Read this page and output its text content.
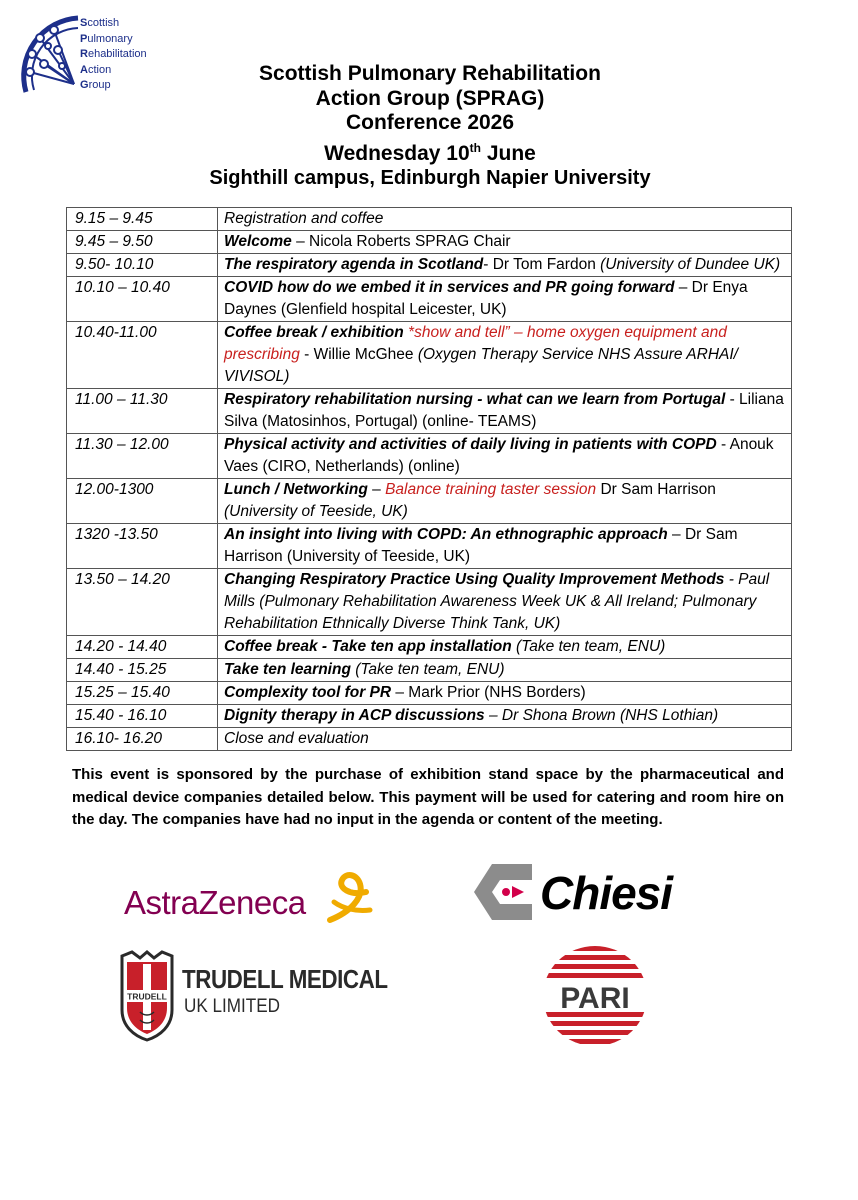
Scottish
Pulmonary
Rehabilitation
Action
Group	Scottish Pulmonary Rehabilitation
Action Group (SPRAG)
Conference 2026
Wednesday 10th June
Sighthill campus, Edinburgh Napier University
9.15 – 9.45	Registration and coffee
9.45 – 9.50	Welcome – Nicola Roberts SPRAG Chair
9.50- 10.10	The respiratory agenda in Scotland- Dr Tom Fardon (University of Dundee UK)
10.10 – 10.40	COVID how do we embed it in services and PR going forward – Dr Enya Daynes (Glenfield hospital Leicester, UK)
10.40-11.00	Coffee break / exhibition *show and tell” – home oxygen equipment and prescribing - Willie McGhee (Oxygen Therapy Service NHS Assure ARHAI/ VIVISOL)
11.00 – 11.30	Respiratory rehabilitation nursing - what can we learn from Portugal - Liliana Silva (Matosinhos, Portugal) (online- TEAMS)
11.30 – 12.00	Physical activity and activities of daily living in patients with COPD - Anouk Vaes (CIRO, Netherlands) (online)
12.00-1300	Lunch / Networking – Balance training taster session Dr Sam Harrison (University of Teeside, UK)
1320 -13.50	An insight into living with COPD: An ethnographic approach – Dr Sam Harrison (University of Teeside, UK)
13.50 – 14.20	Changing Respiratory Practice Using Quality Improvement Methods - Paul Mills (Pulmonary Rehabilitation Awareness Week UK & All Ireland; Pulmonary Rehabilitation Ethnically Diverse Think Tank, UK)
14.20 - 14.40	Coffee break - Take ten app installation (Take ten team, ENU)
14.40 - 15.25	Take ten learning (Take ten team, ENU)
15.25 – 15.40	Complexity tool for PR – Mark Prior (NHS Borders)
15.40 - 16.10	Dignity therapy in ACP discussions – Dr Shona Brown (NHS Lothian)
16.10- 16.20	Close and evaluation
This event is sponsored by the purchase of exhibition stand space by the pharmaceutical and medical device companies detailed below. This payment will be used for catering and room hire on the day. The companies have had no input in the agenda or content of the meeting.
AstraZeneca	Chiesi
TRUDELL
TRUDELL MEDICAL
UK LIMITED	PARI
